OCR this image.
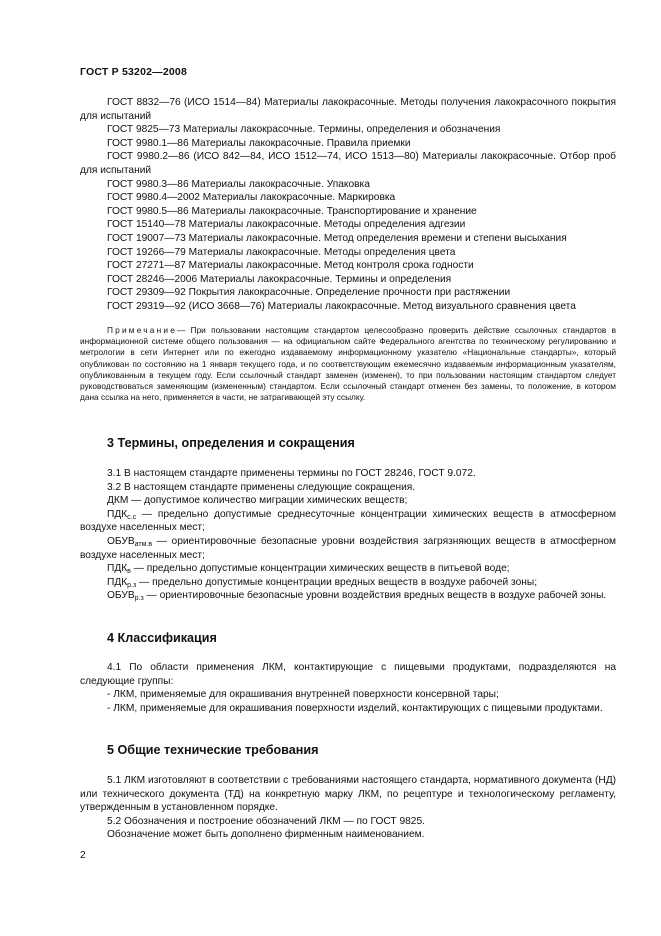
ГОСТ Р 53202—2008

ГОСТ 8832—76 (ИСО 1514—84) Материалы лакокрасочные. Методы получения лакокрасочного покрытия для испытаний

ГОСТ 9825—73 Материалы лакокрасочные. Термины, определения и обозначения

ГОСТ 9980.1—86 Материалы лакокрасочные. Правила приемки

ГОСТ 9980.2—86 (ИСО 842—84, ИСО 1512—74, ИСО 1513—80) Материалы лакокрасочные. Отбор проб для испытаний

ГОСТ 9980.3—86 Материалы лакокрасочные. Упаковка

ГОСТ 9980.4—2002 Материалы лакокрасочные. Маркировка

ГОСТ 9980.5—86 Материалы лакокрасочные. Транспортирование и хранение

ГОСТ 15140—78 Материалы лакокрасочные. Методы определения адгезии

ГОСТ 19007—73 Материалы лакокрасочные. Метод определения времени и степени высыхания

ГОСТ 19266—79 Материалы лакокрасочные. Методы определения цвета

ГОСТ 27271—87 Материалы лакокрасочные. Метод контроля срока годности

ГОСТ 28246—2006 Материалы лакокрасочные. Термины и определения

ГОСТ 29309—92 Покрытия лакокрасочные. Определение прочности при растяжении

ГОСТ 29319—92 (ИСО 3668—76) Материалы лакокрасочные. Метод визуального сравнения цвета

Примечание— При пользовании настоящим стандартом целесообразно проверить действие ссылочных стандартов в информационной системе общего пользования — на официальном сайте Федерального агентства по техническому регулированию и метрологии в сети Интернет или по ежегодно издаваемому информационному указателю «Национальные стандарты», который опубликован по состоянию на 1 января текущего года, и по соответствующим ежемесячно издаваемым информационным указателям, опубликованным в текущем году. Если ссылочный стандарт заменен (изменен), то при пользовании настоящим стандартом следует руководствоваться заменяющим (измененным) стандартом. Если ссылочный стандарт отменен без замены, то положение, в котором дана ссылка на него, применяется в части, не затрагивающей эту ссылку.

3 Термины, определения и сокращения

3.1 В настоящем стандарте применены термины по ГОСТ 28246, ГОСТ 9.072.

3.2 В настоящем стандарте применены следующие сокращения.

ДКМ — допустимое количество миграции химических веществ;

$ПДК_{с.с}$ — предельно допустимые среднесуточные концентрации химических веществ в атмосферном воздухе населенных мест;

$ОБУВ_{атм.в}$ — ориентировочные безопасные уровни воздействия загрязняющих веществ в атмосферном воздухе населенных мест;

$ПДК_в$ — предельно допустимые концентрации химических веществ в питьевой воде;

$ПДК_{р.з}$ — предельно допустимые концентрации вредных веществ в воздухе рабочей зоны;

$ОБУВ_{р.з}$ — ориентировочные безопасные уровни воздействия вредных веществ в воздухе рабочей зоны.

4 Классификация

4.1 По области применения ЛКМ, контактирующие с пищевыми продуктами, подразделяются на следующие группы:

- ЛКМ, применяемые для окрашивания внутренней поверхности консервной тары;

- ЛКМ, применяемые для окрашивания поверхности изделий, контактирующих с пищевыми продуктами.

5 Общие технические требования

5.1 ЛКМ изготовляют в соответствии с требованиями настоящего стандарта, нормативного документа (НД) или технического документа (ТД) на конкретную марку ЛКМ, по рецептуре и технологическому регламенту, утвержденным в установленном порядке.

5.2 Обозначения и построение обозначений ЛКМ — по ГОСТ 9825.

Обозначение может быть дополнено фирменным наименованием.

2
